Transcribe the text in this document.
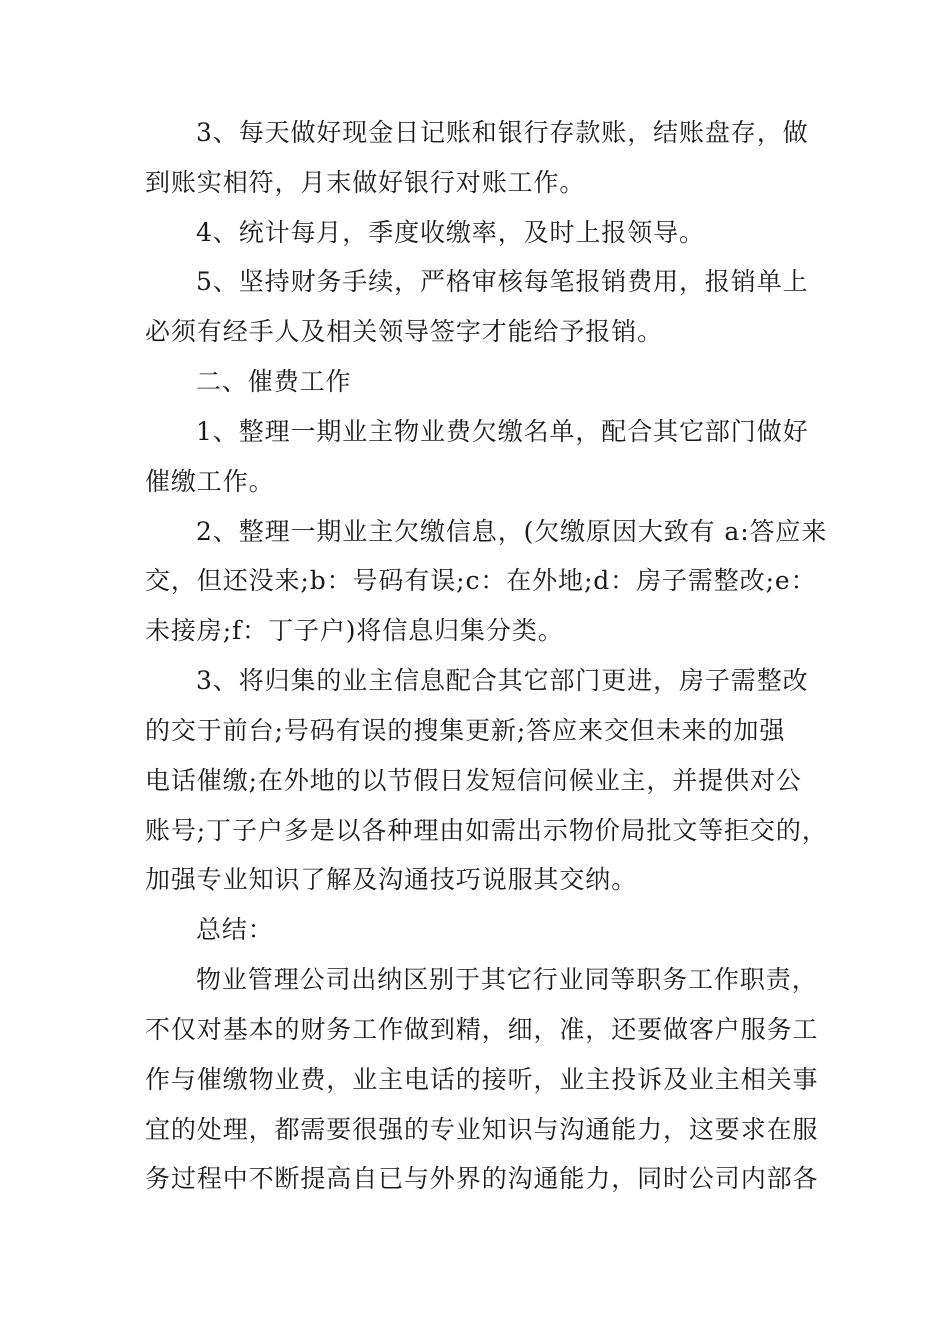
3、每天做好现金日记账和银行存款账，结账盘存，做

到账实相符，月末做好银行对账工作。

4、统计每月，季度收缴率，及时上报领导。

5、坚持财务手续，严格审核每笔报销费用，报销单上

必须有经手人及相关领导签字才能给予报销。

二、催费工作

1、整理一期业主物业费欠缴名单，配合其它部门做好

催缴工作。

2、整理一期业主欠缴信息，(欠缴原因大致有 a:答应来

交，但还没来;b：号码有误;c：在外地;d：房子需整改;e：

未接房;f：丁子户)将信息归集分类。

3、将归集的业主信息配合其它部门更进，房子需整改

的交于前台;号码有误的搜集更新;答应来交但未来的加强

电话催缴;在外地的以节假日发短信问候业主，并提供对公

账号;丁子户多是以各种理由如需出示物价局批文等拒交的，

加强专业知识了解及沟通技巧说服其交纳。

总结：

物业管理公司出纳区别于其它行业同等职务工作职责，

不仅对基本的财务工作做到精，细，准，还要做客户服务工

作与催缴物业费，业主电话的接听，业主投诉及业主相关事

宜的处理，都需要很强的专业知识与沟通能力，这要求在服

务过程中不断提高自已与外界的沟通能力，同时公司内部各
